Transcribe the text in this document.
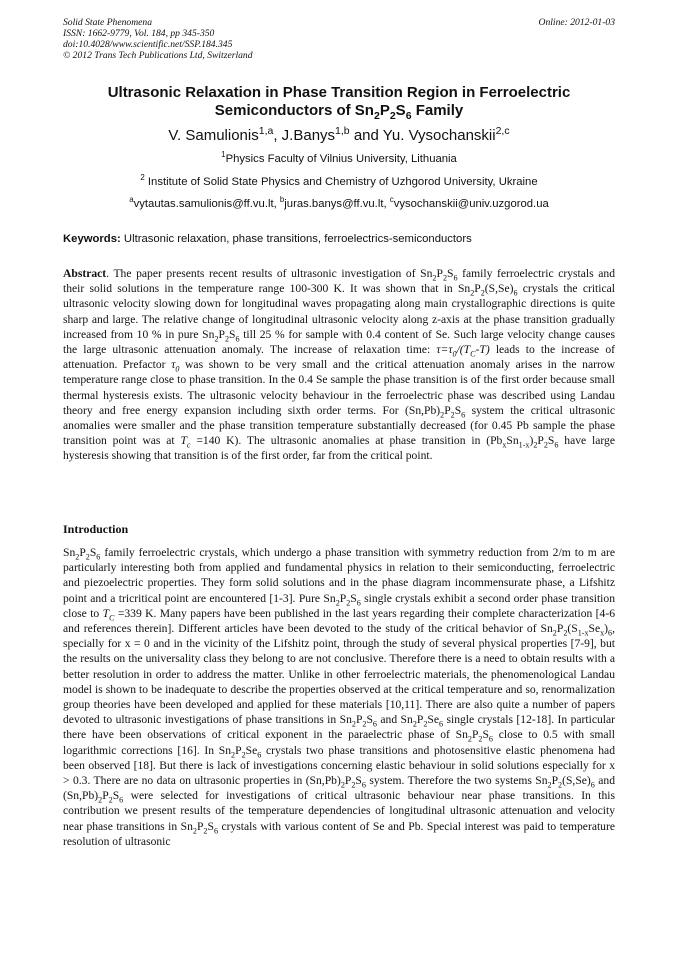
Solid State Phenomena
ISSN: 1662-9779, Vol. 184, pp 345-350
doi:10.4028/www.scientific.net/SSP.184.345
© 2012 Trans Tech Publications Ltd, Switzerland
Online: 2012-01-03
Ultrasonic Relaxation in Phase Transition Region in Ferroelectric
Semiconductors of $Sn_2P_2S_6$ Family
V. Samulionis$^{1,a}$, J.Banys$^{1,b}$ and Yu. Vysochanskii$^{2,c}$
$^1$Physics Faculty of Vilnius University, Lithuania
$^2$ Institute of Solid State Physics and Chemistry of Uzhgorod University, Ukraine
$^a$vytautas.samulionis@ff.vu.lt, $^b$juras.banys@ff.vu.lt, $^c$vysochanskii@univ.uzgorod.ua
Keywords: Ultrasonic relaxation, phase transitions, ferroelectrics-semiconductors
Abstract. The paper presents recent results of ultrasonic investigation of $Sn_2P_2S_6$ family ferroelectric crystals and their solid solutions in the temperature range 100-300 K. It was shown that in $Sn_2P_2(S,Se)_6$ crystals the critical ultrasonic velocity slowing down for longitudinal waves propagating along main crystallographic directions is quite sharp and large. The relative change of longitudinal ultrasonic velocity along z-axis at the phase transition gradually increased from 10 % in pure $Sn_2P_2S_6$ till 25 % for sample with 0.4 content of Se. Such large velocity change causes the large ultrasonic attenuation anomaly. The increase of relaxation time: $\tau=\tau_0/(T_C-T)$ leads to the increase of attenuation. Prefactor $\tau_0$ was shown to be very small and the critical attenuation anomaly arises in the narrow temperature range close to phase transition. In the 0.4 Se sample the phase transition is of the first order because small thermal hysteresis exists. The ultrasonic velocity behaviour in the ferroelectric phase was described using Landau theory and free energy expansion including sixth order terms. For $(Sn,Pb)_2P_2S_6$ system the critical ultrasonic anomalies were smaller and the phase transition temperature substantially decreased (for 0.45 Pb sample the phase transition point was at $T_c =140$ K). The ultrasonic anomalies at phase transition in $(Pb_xSn_{1-x})_2P_2S_6$ have large hysteresis showing that transition is of the first order, far from the critical point.
Introduction
$Sn_2P_2S_6$ family ferroelectric crystals, which undergo a phase transition with symmetry reduction from 2/m to m are particularly interesting both from applied and fundamental physics in relation to their semiconducting, ferroelectric and piezoelectric properties. They form solid solutions and in the phase diagram incommensurate phase, a Lifshitz point and a tricritical point are encountered [1-3]. Pure $Sn_2P_2S_6$ single crystals exhibit a second order phase transition close to $T_C =339$ K. Many papers have been published in the last years regarding their complete characterization [4-6 and references therein]. Different articles have been devoted to the study of the critical behavior of $Sn_2P_2(S_{1-x}Se_x)_6$, specially for x = 0 and in the vicinity of the Lifshitz point, through the study of several physical properties [7-9], but the results on the universality class they belong to are not conclusive. Therefore there is a need to obtain results with a better resolution in order to address the matter. Unlike in other ferroelectric materials, the phenomenological Landau model is shown to be inadequate to describe the properties observed at the critical temperature and so, renormalization group theories have been developed and applied for these materials [10,11]. There are also quite a number of papers devoted to ultrasonic investigations of phase transitions in $Sn_2P_2S_6$ and $Sn_2P_2Se_6$ single crystals [12-18]. In particular there have been observations of critical exponent in the paraelectric phase of $Sn_2P_2S_6$ close to 0.5 with small logarithmic corrections [16]. In $Sn_2P_2Se_6$ crystals two phase transitions and photosensitive elastic phenomena had been observed [18]. But there is lack of investigations concerning elastic behaviour in solid solutions especially for x > 0.3. There are no data on ultrasonic properties in $(Sn,Pb)_2P_2S_6$ system. Therefore the two systems $Sn_2P_2(S,Se)_6$ and $(Sn,Pb)_2P_2S_6$ were selected for investigations of critical ultrasonic behaviour near phase transitions. In this contribution we present results of the temperature dependencies of longitudinal ultrasonic attenuation and velocity near phase transitions in $Sn_2P_2S_6$ crystals with various content of Se and Pb. Special interest was paid to temperature resolution of ultrasonic
